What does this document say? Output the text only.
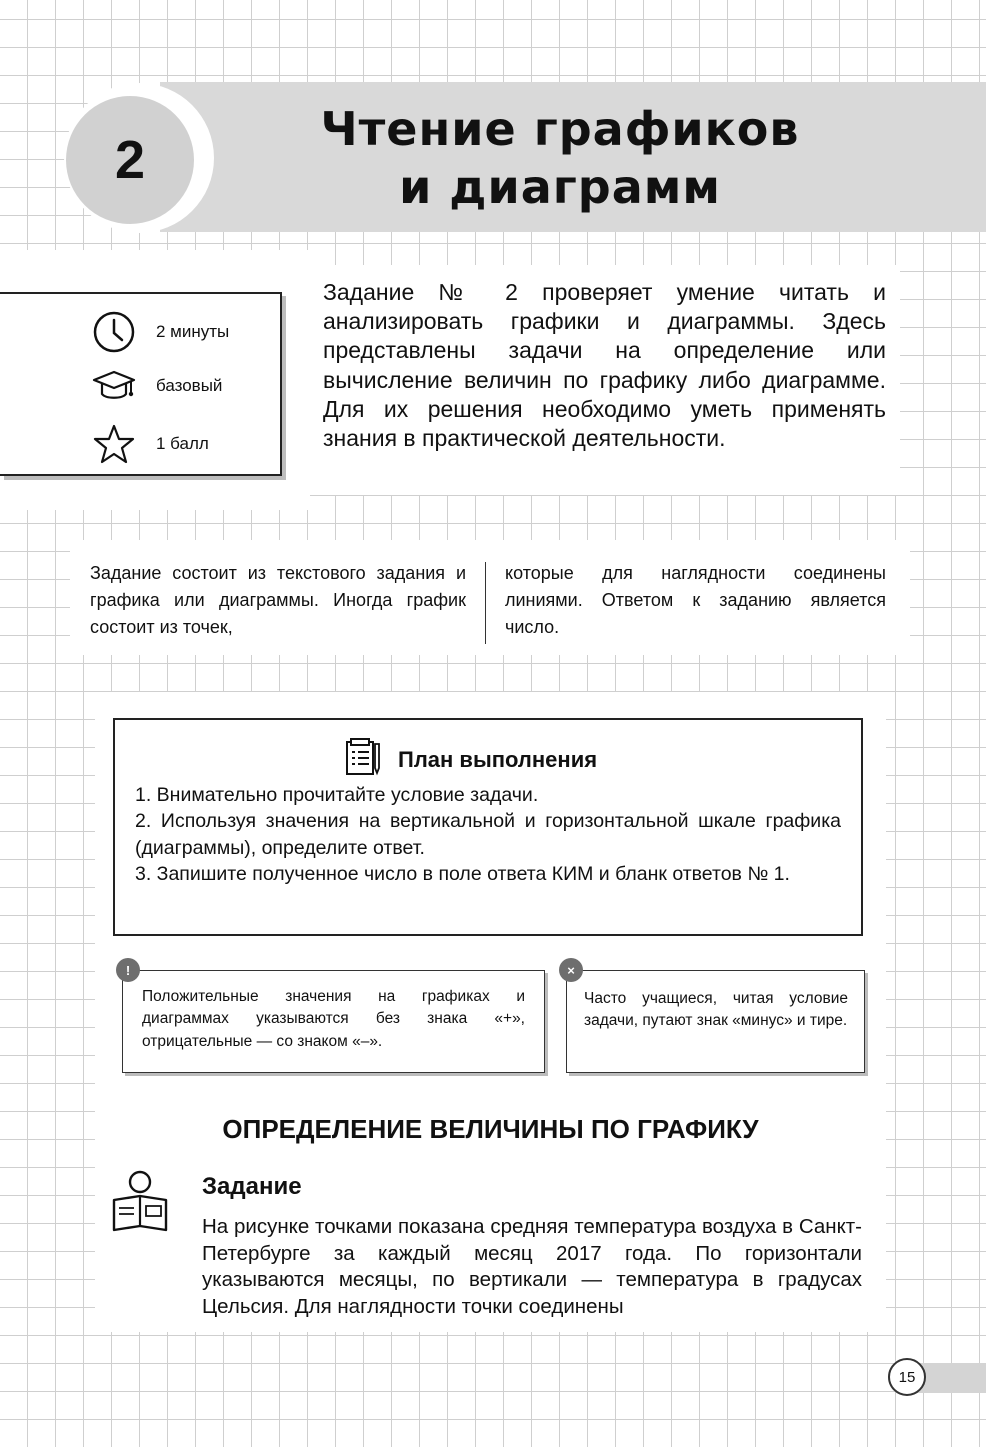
2
Чтение графиков
и диаграмм
2 минуты
базовый
1 балл
Задание № 2 проверяет умение читать и анализировать графики и диаграммы. Здесь представлены задачи на определение или вычисление величин по графику либо диаграмме. Для их решения необходимо уметь применять знания в практической деятельности.
Задание состоит из текстового задания и графика или диаграммы. Иногда график состоит из точек,
которые для наглядности соединены линиями. Ответом к заданию является число.
План выполнения
1. Внимательно прочитайте условие задачи.
2. Используя значения на вертикальной и горизонтальной шкале графика (диаграммы), определите ответ.
3. Запишите полученное число в поле ответа КИМ и бланк ответов № 1.
!
Положительные значения на графиках и диаграммах указываются без знака «+», отрицательные — со знаком «–».
×
Часто учащиеся, читая условие задачи, путают знак «минус» и тире.
ОПРЕДЕЛЕНИЕ ВЕЛИЧИНЫ ПО ГРАФИКУ
Задание
На рисунке точками показана средняя температура воздуха в Санкт-Петербурге за каждый месяц 2017 года. По горизонтали указываются месяцы, по вертикали — температура в градусах Цельсия. Для наглядности точки соединены
15
